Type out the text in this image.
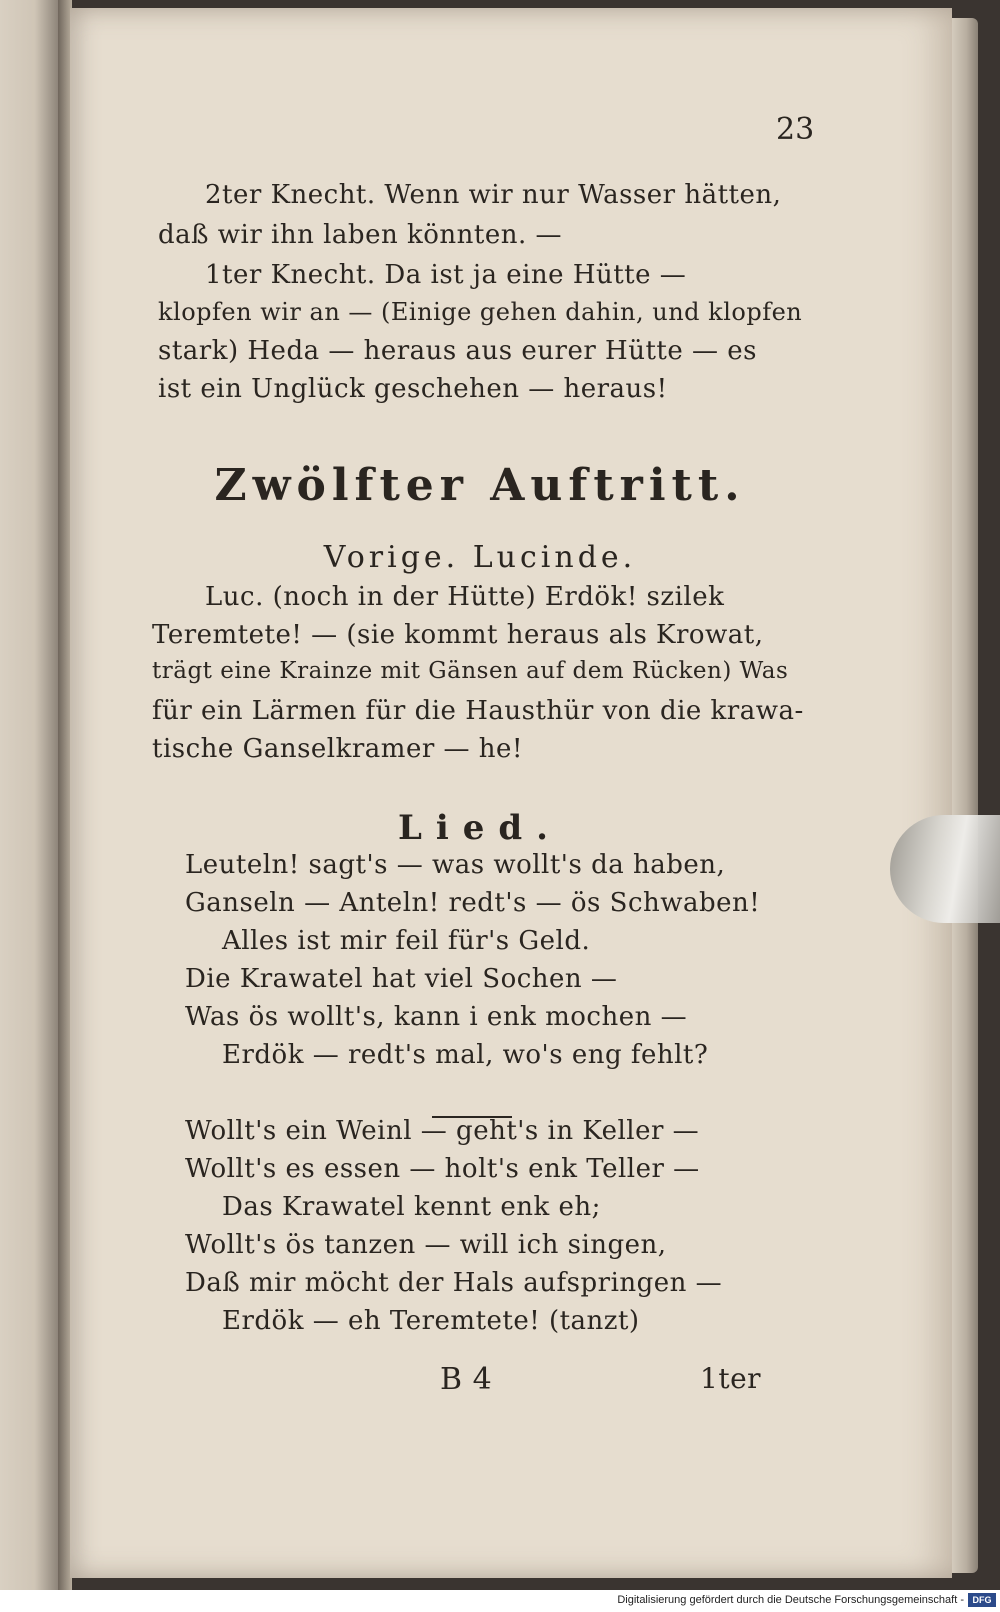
23
2ter Knecht. Wenn wir nur Wasser hätten,
daß wir ihn laben könnten. —
1ter Knecht. Da ist ja eine Hütte —
klopfen wir an — (Einige gehen dahin, und klopfen
stark) Heda — heraus aus eurer Hütte — es
ist ein Unglück geschehen — heraus!
Zwölfter Auftritt.
Vorige. Lucinde.
Luc. (noch in der Hütte) Erdök! szilek
Teremtete! — (sie kommt heraus als Krowat,
trägt eine Krainze mit Gänsen auf dem Rücken) Was
für ein Lärmen für die Hausthür von die krawa-
tische Ganselkramer — he!
Lied.
Leuteln! sagt's — was wollt's da haben,
Ganseln — Anteln! redt's — ös Schwaben!
Alles ist mir feil für's Geld.
Die Krawatel hat viel Sochen —
Was ös wollt's, kann i enk mochen —
Erdök — redt's mal, wo's eng fehlt?
Wollt's ein Weinl — geht's in Keller —
Wollt's es essen — holt's enk Teller —
Das Krawatel kennt enk eh;
Wollt's ös tanzen — will ich singen,
Daß mir möcht der Hals aufspringen —
Erdök — eh Teremtete! (tanzt)
B 4	1ter
Digitalisierung gefördert durch die Deutsche Forschungsgemeinschaft - DFG
